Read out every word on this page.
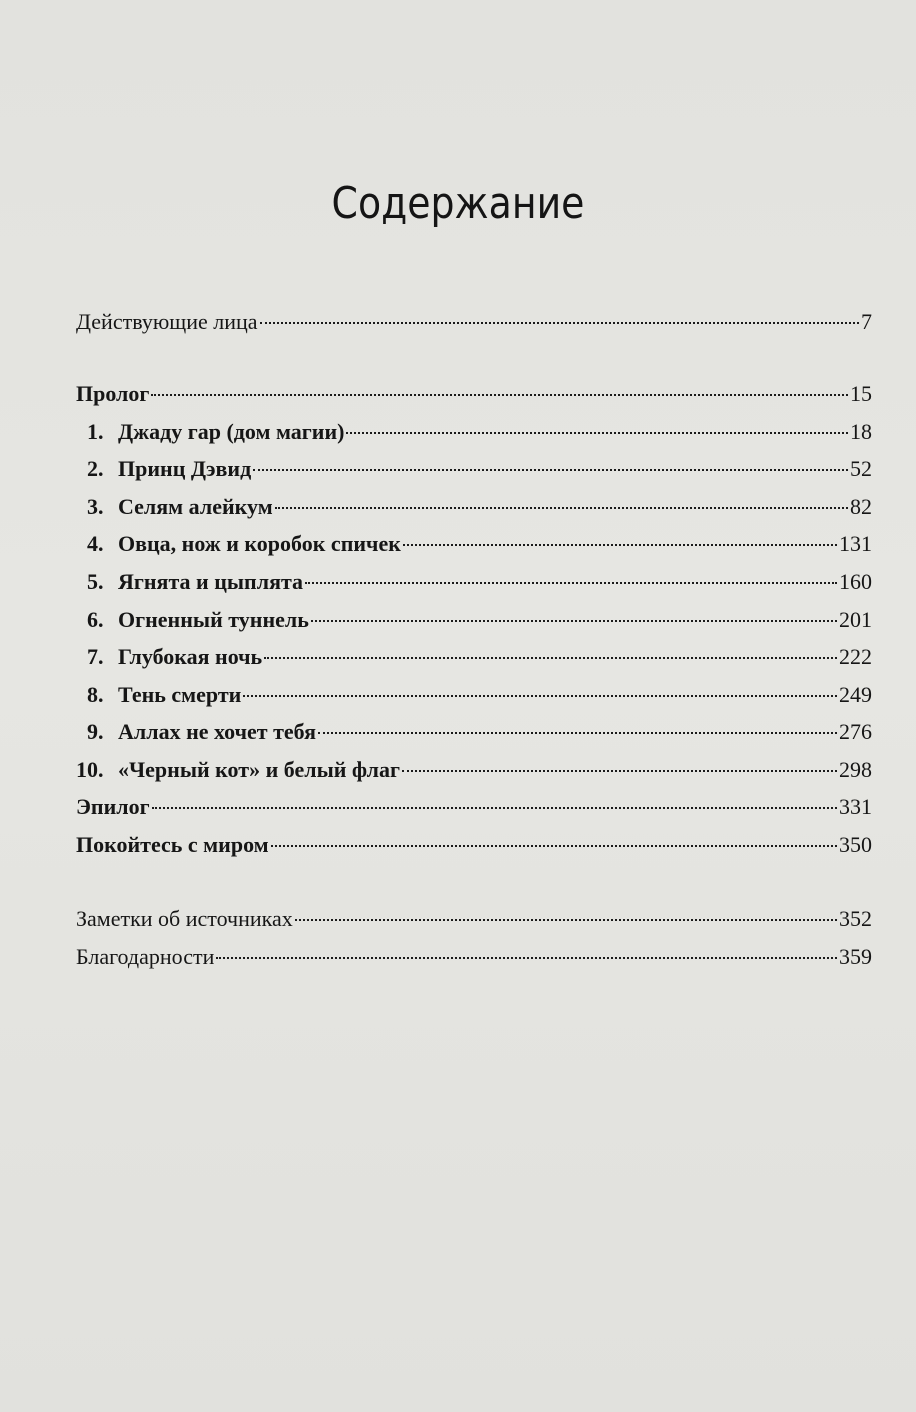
Содержание
Действующие лица	7
Пролог	15
1. Джаду гар (дом магии)	18
2. Принц Дэвид	52
3. Селям алейкум	82
4. Овца, нож и коробок спичек	131
5. Ягнята и цыплята	160
6. Огненный туннель	201
7. Глубокая ночь	222
8. Тень смерти	249
9. Аллах не хочет тебя	276
10. «Черный кот» и белый флаг	298
Эпилог	331
Покойтесь с миром	350
Заметки об источниках	352
Благодарности	359
